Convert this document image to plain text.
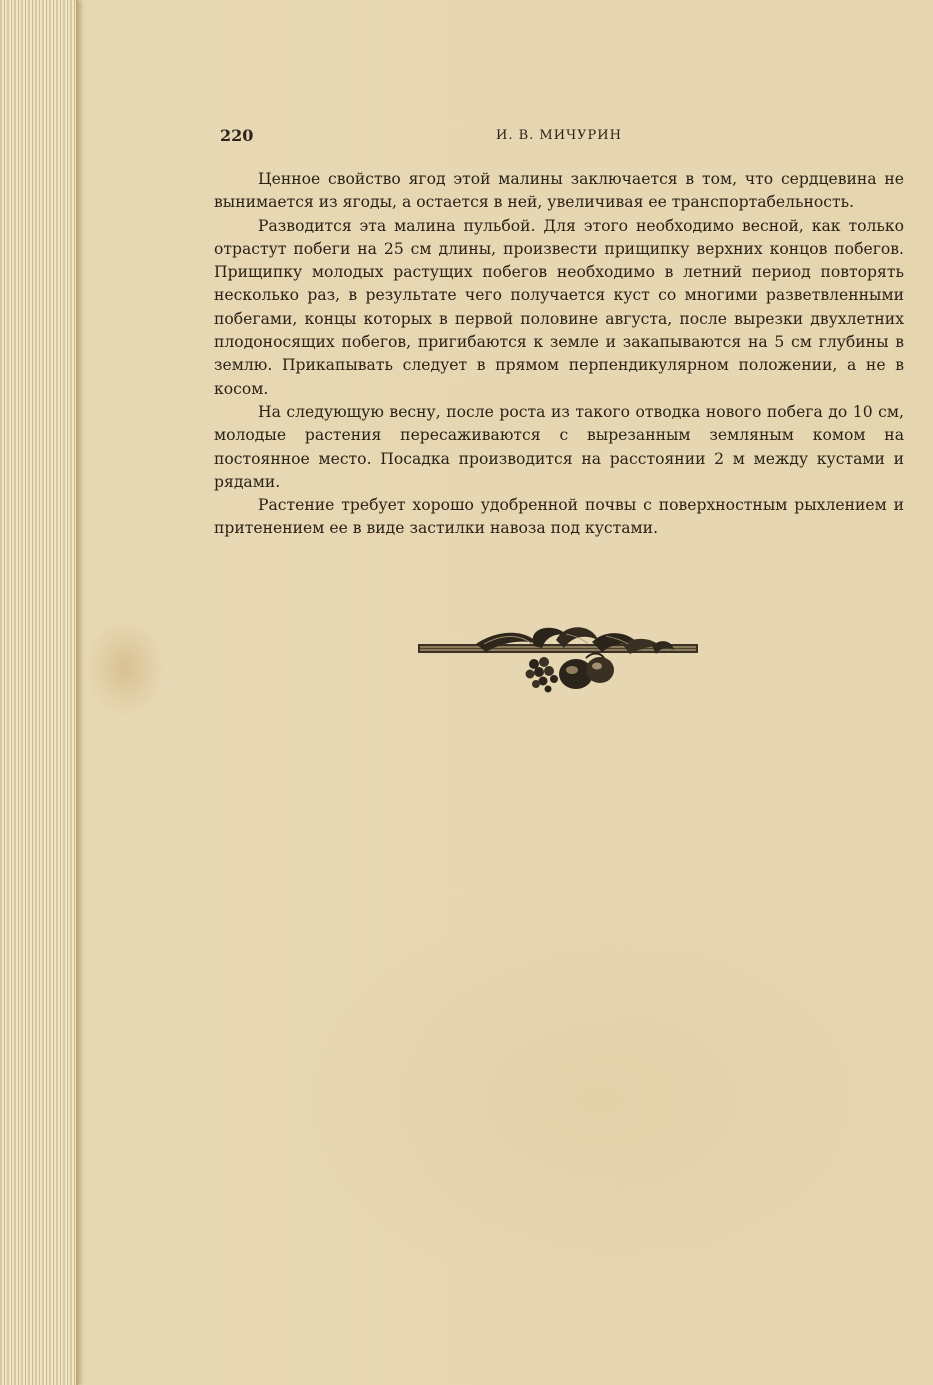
220	И. В. МИЧУРИН

Ценное свойство ягод этой малины заключается в том, что сердцевина не вынимается из ягоды, а остается в ней, увеличивая ее транспортабельность.

Разводится эта малина пульбой. Для этого необходимо весной, как только отрастут побеги на 25 см длины, произвести прищипку верхних концов побегов. Прищипку молодых растущих побегов необходимо в летний период повторять несколько раз, в результате чего получается куст со многими разветвленными побегами, концы которых в первой половине августа, после вырезки двухлетних плодоносящих побегов, пригибаются к земле и закапываются на 5 см глубины в землю. Прикапывать следует в прямом перпендикулярном положении, а не в косом.

На следующую весну, после роста из такого отводка нового побега до 10 см, молодые растения пересаживаются с вырезанным земляным комом на постоянное место. Посадка производится на расстоянии 2 м между кустами и рядами.

Растение требует хорошо удобренной почвы с поверхностным рыхлением и притенением ее в виде застилки навоза под кустами.
